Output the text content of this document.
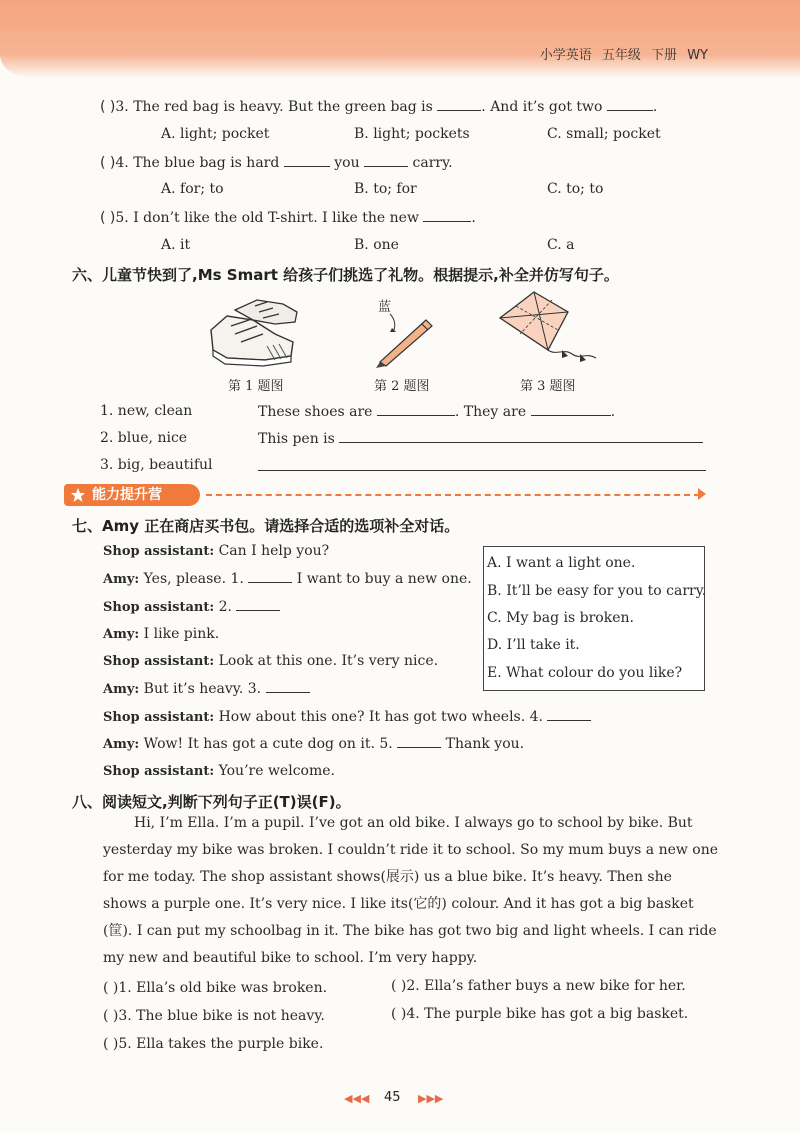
小学英语 五年级 下册 WY
( )3. The red bag is heavy. But the green bag is	. And it’s got two	.
A. light; pocket	B. light; pockets	C. small; pocket
( )4. The blue bag is hard	you	carry.
A. for; to	B. to; for	C. to; to
( )5. I don’t like the old T-shirt. I like the new	.
A. it	B. one	C. a
六、儿童节快到了,Ms Smart 给孩子们挑选了礼物。根据提示,补全并仿写句子。
第 1 题图
蓝
第 2 题图	第 3 题图
1. new, clean	These shoes are	. They are	.
2. blue, nice	This pen is
3. big, beautiful
能力提升营
七、Amy 正在商店买书包。请选择合适的选项补全对话。
Shop assistant: Can I help you?
Amy: Yes, please. 1.	I want to buy a new one.
Shop assistant: 2.
Amy: I like pink.
Shop assistant: Look at this one. It’s very nice.
Amy: But it’s heavy. 3.
Shop assistant: How about this one? It has got two wheels. 4.
Amy: Wow! It has got a cute dog on it. 5.	Thank you.
Shop assistant: You’re welcome.
A. I want a light one.
B. It’ll be easy for you to carry.
C. My bag is broken.
D. I’ll take it.
E. What colour do you like?
八、阅读短文,判断下列句子正(T)误(F)。
Hi, I’m Ella. I’m a pupil. I’ve got an old bike. I always go to school by bike. But
yesterday my bike was broken. I couldn’t ride it to school. So my mum buys a new one
for me today. The shop assistant shows(展示) us a blue bike. It’s heavy. Then she
shows a purple one. It’s very nice. I like its(它的) colour. And it has got a big basket
(筐). I can put my schoolbag in it. The bike has got two big and light wheels. I can ride
my new and beautiful bike to school. I’m very happy.
( )1. Ella’s old bike was broken.	( )2. Ella’s father buys a new bike for her.
( )3. The blue bike is not heavy.	( )4. The purple bike has got a big basket.
( )5. Ella takes the purple bike.
◀◀◀ 45 ▶▶▶
